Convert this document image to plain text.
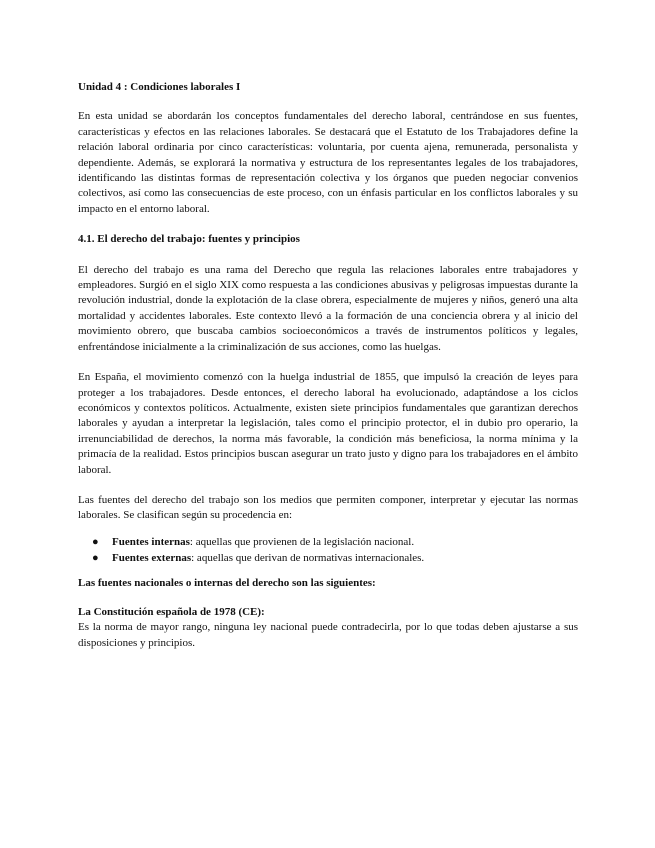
Unidad 4 : Condiciones laborales I

En esta unidad se abordarán los conceptos fundamentales del derecho laboral, centrándose en sus fuentes, características y efectos en las relaciones laborales. Se destacará que el Estatuto de los Trabajadores define la relación laboral ordinaria por cinco características: voluntaria, por cuenta ajena, remunerada, personalista y dependiente. Además, se explorará la normativa y estructura de los representantes legales de los trabajadores, identificando las distintas formas de representación colectiva y los órganos que pueden negociar convenios colectivos, así como las consecuencias de este proceso, con un énfasis particular en los conflictos laborales y su impacto en el entorno laboral.

4.1. El derecho del trabajo: fuentes y principios

El derecho del trabajo es una rama del Derecho que regula las relaciones laborales entre trabajadores y empleadores. Surgió en el siglo XIX como respuesta a las condiciones abusivas y peligrosas impuestas durante la revolución industrial, donde la explotación de la clase obrera, especialmente de mujeres y niños, generó una alta mortalidad y accidentes laborales. Este contexto llevó a la formación de una conciencia obrera y al inicio del movimiento obrero, que buscaba cambios socioeconómicos a través de instrumentos políticos y legales, enfrentándose inicialmente a la criminalización de sus acciones, como las huelgas.

En España, el movimiento comenzó con la huelga industrial de 1855, que impulsó la creación de leyes para proteger a los trabajadores. Desde entonces, el derecho laboral ha evolucionado, adaptándose a los ciclos económicos y contextos políticos. Actualmente, existen siete principios fundamentales que garantizan derechos laborales y ayudan a interpretar la legislación, tales como el principio protector, el in dubio pro operario, la irrenunciabilidad de derechos, la norma más favorable, la condición más beneficiosa, la norma mínima y la primacía de la realidad. Estos principios buscan asegurar un trato justo y digno para los trabajadores en el ámbito laboral.

Las fuentes del derecho del trabajo son los medios que permiten componer, interpretar y ejecutar las normas laborales. Se clasifican según su procedencia en:

● Fuentes internas: aquellas que provienen de la legislación nacional.
● Fuentes externas: aquellas que derivan de normativas internacionales.
Las fuentes nacionales o internas del derecho son las siguientes:
La Constitución española de 1978 (CE):

Es la norma de mayor rango, ninguna ley nacional puede contradecirla, por lo que todas deben ajustarse a sus disposiciones y principios.
